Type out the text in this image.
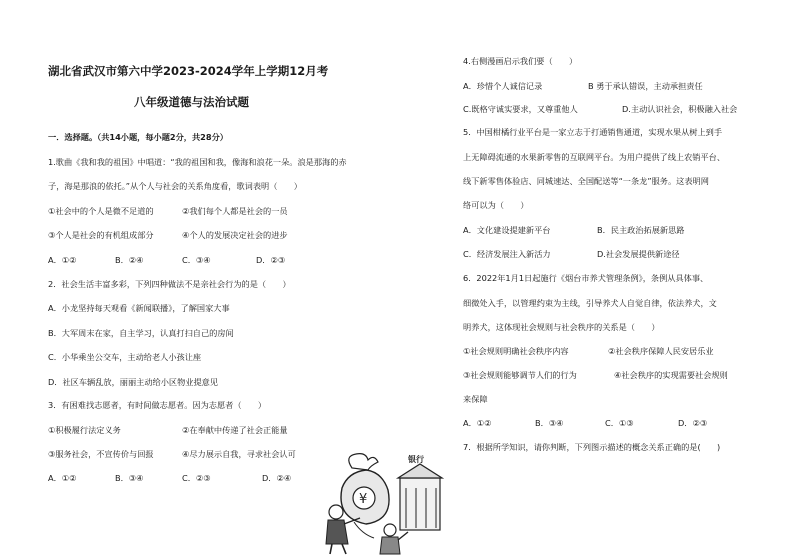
湖北省武汉市第六中学2023-2024学年上学期12月考
八年级道德与法治试题
一．选择题。（共14小题，每小题2分，共28分）
1.歌曲《我和我的祖国》中唱道：“我的祖国和我，像海和浪花一朵。浪是那海的赤
子，海是那浪的依托。”从个人与社会的关系角度看，歌词表明（　　）
①社会中的个人是微不足道的	②我们每个人都是社会的一员
③个人是社会的有机组成部分	④个人的发展决定社会的进步
A．①②	B．②④	C．③④	D．②③
2．社会生活丰富多彩，下列四种做法不是亲社会行为的是（　　）
A．小龙坚持每天观看《新闻联播》，了解国家大事
B．大军周末在家，自主学习，认真打扫自己的房间
C．小华乘坐公交车，主动给老人小孩让座
D．社区车辆乱放，丽丽主动给小区物业提意见
3．有困难找志愿者，有时间做志愿者。因为志愿者（　　）
①积极履行法定义务	②在奉献中传递了社会正能量
③服务社会，不宣传价与回报	④尽力展示自我，寻求社会认可
A．①②	B．③④	C．②③	D．②④
¥
银行
4.右侧漫画启示我们要（　　）
A．珍惜个人诚信记录	B 勇于承认错误，主动承担责任
C.既格守诚实要求，又尊重他人	D.主动认识社会，积极融入社会
5．中国柑橘行业平台是一家立志于打通销售通道，实现水果从树上到手
上无障碍流通的水果新零售的互联网平台。为用户提供了线上农销平台、
线下新零售体验店、同城速达、全国配送等“一条龙”服务。这表明网
络可以为（　　）
A．文化建设提建新平台	B．民主政治拓展新思路
C．经济发展注入新活力	D.社会发展提供新途径
6．2022年1月1日起施行《烟台市养犬管理条例》，条例从具体事、
细微处入手，以管理约束为主线，引导养犬人自觉自律，依法养犬，文
明养犬，这体现社会规则与社会秩序的关系是（　　）
①社会规则明确社会秩序内容	②社会秩序保障人民安居乐业
③社会规则能够调节人们的行为	④社会秩序的实现需要社会规则
来保障
A．①②	B．③④	C．①③	D．②③
7．根据所学知识，请你判断，下列图示描述的概念关系正确的是(　　)
